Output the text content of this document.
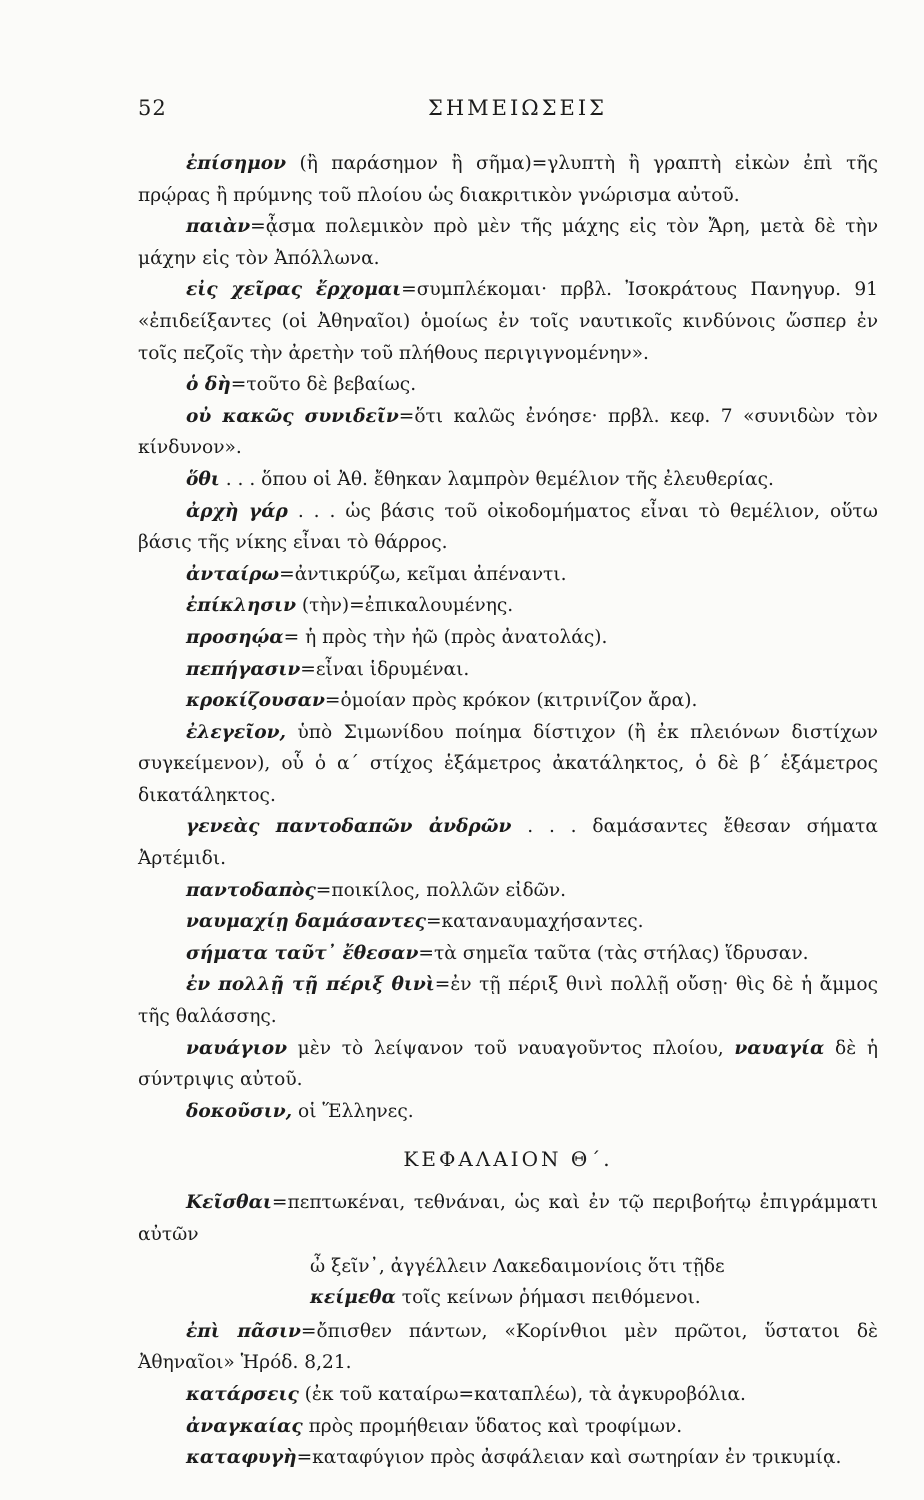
52	ΣΗΜΕΙΩΣΕΙΣ

ἐπίσημον (ἢ παράσημον ἢ σῆμα)=γλυπτὴ ἢ γραπτὴ εἰκὼν ἐπὶ τῆς πρῴρας ἢ πρύμνης τοῦ πλοίου ὡς διακριτικὸν γνώρισμα αὐτοῦ.

παιὰν=ᾆσμα πολεμικὸν πρὸ μὲν τῆς μάχης εἰς τὸν Ἄρη, μετὰ δὲ τὴν μάχην εἰς τὸν Ἀπόλλωνα.

εἰς χεῖρας ἔρχομαι=συμπλέκομαι· πρβλ. Ἰσοκράτους Πανηγυρ. 91 «ἐπιδείξαντες (οἱ Ἀθηναῖοι) ὁμοίως ἐν τοῖς ναυτικοῖς κινδύνοις ὥσπερ ἐν τοῖς πεζοῖς τὴν ἀρετὴν τοῦ πλήθους περιγιγνομένην».

ὁ δὴ=τοῦτο δὲ βεβαίως.

οὐ κακῶς συνιδεῖν=ὅτι καλῶς ἐνόησε· πρβλ. κεφ. 7 «συνιδὼν τὸν κίνδυνον».

ὅθι . . . ὅπου οἱ Ἀθ. ἔθηκαν λαμπρὸν θεμέλιον τῆς ἐλευθερίας.

ἀρχὴ γάρ . . . ὡς βάσις τοῦ οἰκοδομήματος εἶναι τὸ θεμέλιον, οὕτω βάσις τῆς νίκης εἶναι τὸ θάρρος.

ἀνταίρω=ἀντικρύζω, κεῖμαι ἀπέναντι.

ἐπίκλησιν (τὴν)=ἐπικαλουμένης.

προσηῴα= ἡ πρὸς τὴν ἠῶ (πρὸς ἀνατολάς).

πεπήγασιν=εἶναι ἱδρυμέναι.

κροκίζουσαν=ὁμοίαν πρὸς κρόκον (κιτρινίζον ἄρα).

ἐλεγεῖον, ὑπὸ Σιμωνίδου ποίημα δίστιχον (ἢ ἐκ πλειόνων διστίχων συγκείμενον), οὗ ὁ α΄ στίχος ἑξάμετρος ἀκατάληκτος, ὁ δὲ β΄ ἑξάμετρος δικατάληκτος.

γενεὰς παντοδαπῶν ἀνδρῶν . . . δαμάσαντες ἔθεσαν σήματα Ἀρτέμιδι.

παντοδαπὸς=ποικίλος, πολλῶν εἰδῶν.

ναυμαχίῃ δαμάσαντες=καταναυμαχήσαντες.

σήματα ταῦτ᾽ ἔθεσαν=τὰ σημεῖα ταῦτα (τὰς στήλας) ἵδρυσαν.

ἐν πολλῇ τῇ πέριξ θινὶ=ἐν τῇ πέριξ θινὶ πολλῇ οὔσῃ· θὶς δὲ ἡ ἄμμος τῆς θαλάσσης.

ναυάγιον μὲν τὸ λείψανον τοῦ ναυαγοῦντος πλοίου, ναυαγία δὲ ἡ σύντριψις αὐτοῦ.

δοκοῦσιν, οἱ Ἕλληνες.

ΚΕΦΑΛΑΙΟΝ Θ΄.

Κεῖσθαι=πεπτωκέναι, τεθνάναι, ὡς καὶ ἐν τῷ περιβοήτῳ ἐπιγράμματι αὐτῶν

ὦ ξεῖν᾽, ἀγγέλλειν Λακεδαιμονίοις ὅτι τῇδε

κείμεθα τοῖς κείνων ῥήμασι πειθόμενοι.

ἐπὶ πᾶσιν=ὄπισθεν πάντων, «Κορίνθιοι μὲν πρῶτοι, ὕστατοι δὲ Ἀθηναῖοι» Ἡρόδ. 8,21.

κατάρσεις (ἐκ τοῦ καταίρω=καταπλέω), τὰ ἀγκυροβόλια.

ἀναγκαίας πρὸς προμήθειαν ὕδατος καὶ τροφίμων.

καταφυγὴ=καταφύγιον πρὸς ἀσφάλειαν καὶ σωτηρίαν ἐν τρικυμίᾳ.
